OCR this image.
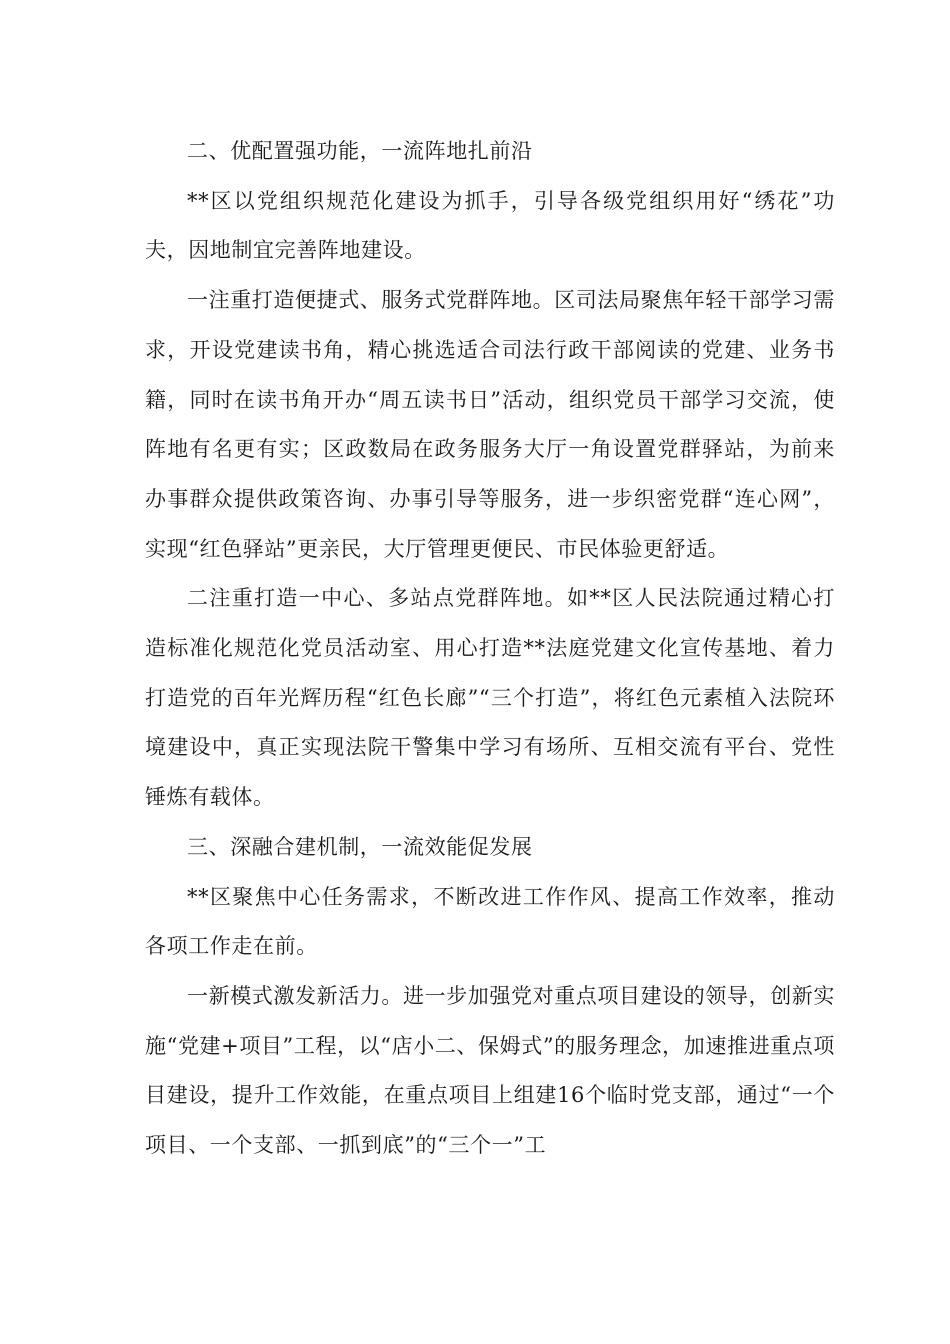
二、优配置强功能，一流阵地扎前沿

**区以党组织规范化建设为抓手，引导各级党组织用好“绣花”功夫，因地制宜完善阵地建设。

一注重打造便捷式、服务式党群阵地。区司法局聚焦年轻干部学习需求，开设党建读书角，精心挑选适合司法行政干部阅读的党建、业务书籍，同时在读书角开办“周五读书日”活动，组织党员干部学习交流，使阵地有名更有实；区政数局在政务服务大厅一角设置党群驿站，为前来办事群众提供政策咨询、办事引导等服务，进一步织密党群“连心网”，实现“红色驿站”更亲民，大厅管理更便民、市民体验更舒适。

二注重打造一中心、多站点党群阵地。如**区人民法院通过精心打造标准化规范化党员活动室、用心打造**法庭党建文化宣传基地、着力打造党的百年光辉历程“红色长廊”“三个打造”，将红色元素植入法院环境建设中，真正实现法院干警集中学习有场所、互相交流有平台、党性锤炼有载体。

三、深融合建机制，一流效能促发展

**区聚焦中心任务需求，不断改进工作作风、提高工作效率，推动各项工作走在前。

一新模式激发新活力。进一步加强党对重点项目建设的领导，创新实施“党建+项目”工程，以“店小二、保姆式”的服务理念，加速推进重点项目建设，提升工作效能，在重点项目上组建16个临时党支部，通过“一个项目、一个支部、一抓到底”的“三个一”工
